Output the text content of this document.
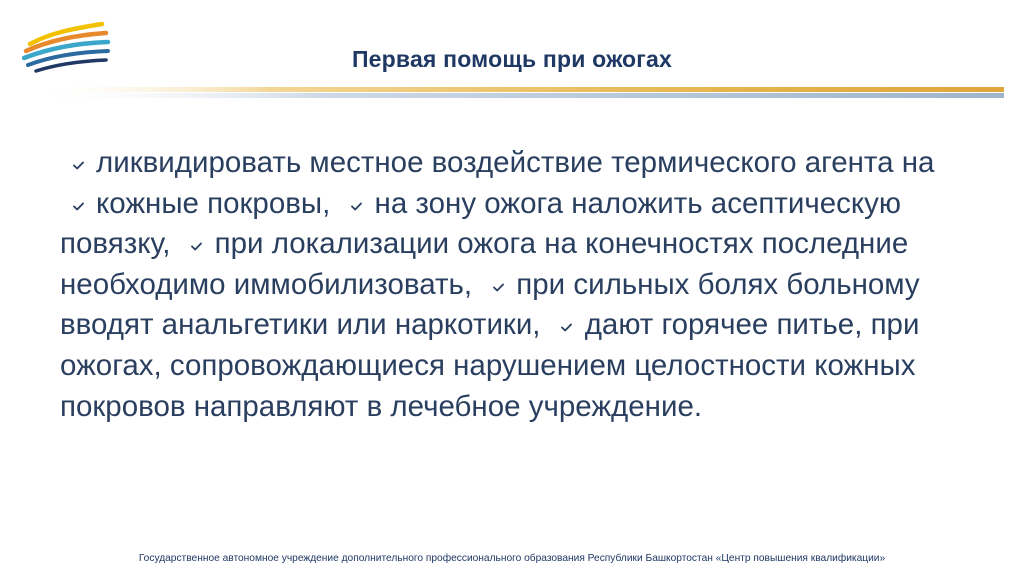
Первая помощь при ожогах
ликвидировать местное воздействие термического агента на кожные покровы, на зону ожога наложить асептическую повязку, при локализации ожога на конечностях последние необходимо иммобилизовать, при сильных болях больному вводят анальгетики или наркотики, дают горячее питье, при ожогах, сопровождающиеся нарушением целостности кожных покровов направляют в лечебное учреждение.
Государственное автономное учреждение дополнительного профессионального образования Республики Башкортостан «Центр повышения квалификации»
